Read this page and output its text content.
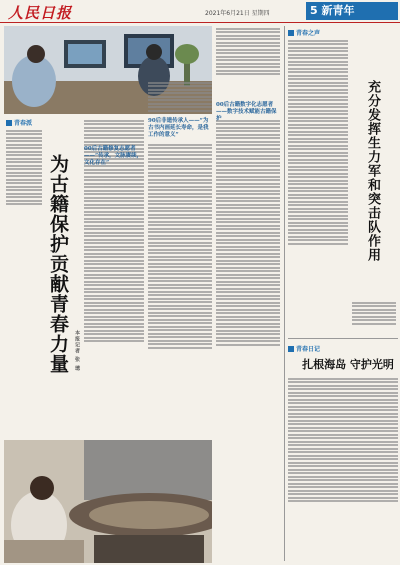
人民日报	2021年6月21日 星期四	5 新青年
青春派
为古籍保护贡献青春力量 本报记者 张 璁
00后古籍修复志愿者——“传承，文脉赓续，文化存在”
90后非遗传承人——“为古书内画延长寿命，是我工作的意义”
00后古籍数字化志愿者——数字技术赋能古籍保
青春之声
充分发挥生力军和突击队作用
青春日记
扎根海岛 守护光明
